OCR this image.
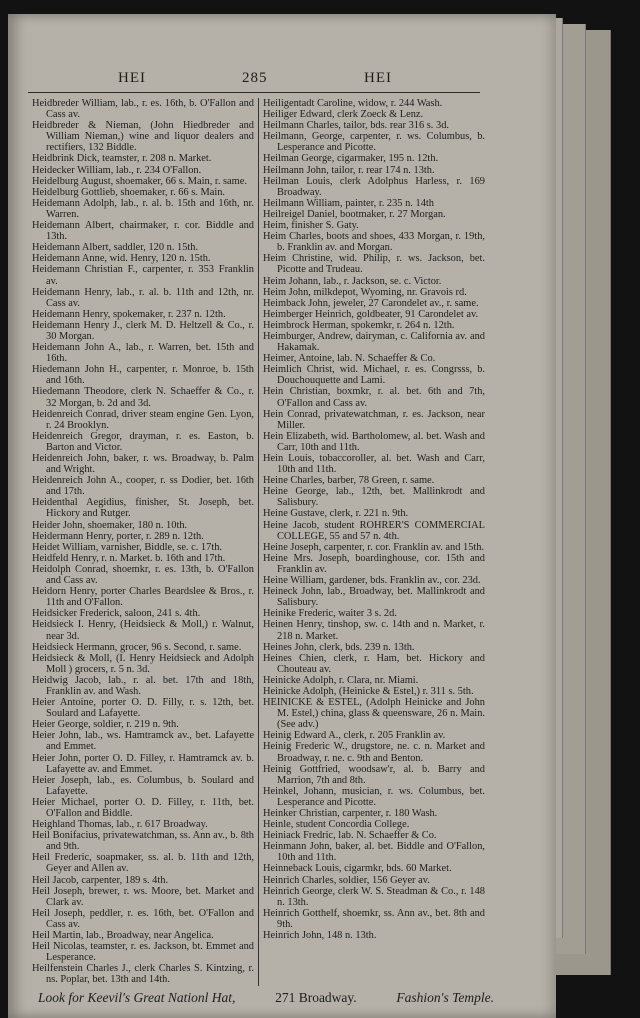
HEI	285	HEI
Heidbreder William, lab., r. es. 16th, b. O'Fallon and Cass av.
Heidbreder & Nieman, (John Hiedbreder and William Nieman,) wine and liquor dealers and rectifiers, 132 Biddle.
Heidbrink Dick, teamster, r. 208 n. Market.
Heidecker William, lab., r. 234 O'Fallon.
Heidelburg August, shoemaker, 66 s. Main, r. same.
Heidelburg Gottlieb, shoemaker, r. 66 s. Main.
Heidemann Adolph, lab., r. al. b. 15th and 16th, nr. Warren.
Heidemann Albert, chairmaker, r. cor. Biddle and 13th.
Heidemann Albert, saddler, 120 n. 15th.
Heidemann Anne, wid. Henry, 120 n. 15th.
Heidemann Christian F., carpenter, r. 353 Franklin av.
Heidemann Henry, lab., r. al. b. 11th and 12th, nr. Cass av.
Heidemann Henry, spokemaker, r. 237 n. 12th.
Heidemann Henry J., clerk M. D. Heltzell & Co., r. 30 Morgan.
Heidemann John A., lab., r. Warren, bet. 15th and 16th.
Hiedemann John H., carpenter, r. Monroe, b. 15th and 16th.
Hiedemann Theodore, clerk N. Schaeffer & Co., r. 32 Morgan, b. 2d and 3d.
Heidenreich Conrad, driver steam engine Gen. Lyon, r. 24 Brooklyn.
Heidenreich Gregor, drayman, r. es. Easton, b. Barton and Victor.
Heidenreich John, baker, r. ws. Broadway, b. Palm and Wright.
Heidenreich John A., cooper, r. ss Dodier, bet. 16th and 17th.
Heidenthal Aegidius, finisher, St. Joseph, bet. Hickory and Rutger.
Heider John, shoemaker, 180 n. 10th.
Heidermann Henry, porter, r. 289 n. 12th.
Heidet William, varnisher, Biddle, se. c. 17th.
Heidfeld Henry, r. n. Market. b. 16th and 17th.
Heidolph Conrad, shoemkr, r. es. 13th, b. O'Fallon and Cass av.
Heidorn Henry, porter Charles Beardslee & Bros., r. 11th and O'Fallon.
Heidsicker Frederick, saloon, 241 s. 4th.
Heidsieck I. Henry, (Heidsieck & Moll,) r. Walnut, near 3d.
Heidsieck Hermann, grocer, 96 s. Second, r. same.
Heidsieck & Moll, (I. Henry Heidsieck and Adolph Moll ) grocers, r. 5 n. 3d.
Heidwig Jacob, lab., r. al. bet. 17th and 18th, Franklin av. and Wash.
Heier Antoine, porter O. D. Filly, r. s. 12th, bet. Soulard and Lafayette.
Heier George, soldier, r. 219 n. 9th.
Heier John, lab., ws. Hamtramck av., bet. Lafayette and Emmet.
Heier John, porter O. D. Filley, r. Hamtramck av. b. Lafayette av. and Emmet.
Heier Joseph, lab., es. Columbus, b. Soulard and Lafayette.
Heier Michael, porter O. D. Filley, r. 11th, bet. O'Fallon and Biddle.
Heighland Thomas, lab., r. 617 Broadway.
Heil Bonifacius, privatewatchman, ss. Ann av., b. 8th and 9th.
Heil Frederic, soapmaker, ss. al. b. 11th and 12th, Geyer and Allen av.
Heil Jacob, carpenter, 189 s. 4th.
Heil Joseph, brewer, r. ws. Moore, bet. Market and Clark av.
Heil Joseph, peddler, r. es. 16th, bet. O'Fallon and Cass av.
Heil Martin, lab., Broadway, near Angelica.
Heil Nicolas, teamster, r. es. Jackson, bt. Emmet and Lesperance.
Heilfenstein Charles J., clerk Charles S. Kintzing, r. ns. Poplar, bet. 13th and 14th.
Heiligentadt Caroline, widow, r. 244 Wash.
Heiliger Edward, clerk Zoeck & Lenz.
Heilmann Charles, tailor, bds. rear 316 s. 3d.
Heilmann, George, carpenter, r. ws. Columbus, b. Lesperance and Picotte.
Heilman George, cigarmaker, 195 n. 12th.
Heilmann John, tailor, r. rear 174 n. 13th.
Heilman Louis, clerk Adolphus Harless, r. 169 Broadway.
Heilmann William, painter, r. 235 n. 14th
Heilreigel Daniel, bootmaker, r. 27 Morgan.
Heim, finisher S. Gaty.
Heim Charles, boots and shoes, 433 Morgan, r. 19th, b. Franklin av. and Morgan.
Heim Christine, wid. Philip, r. ws. Jackson, bet. Picotte and Trudeau.
Heim Johann, lab., r. Jackson, se. c. Victor.
Heim John, milkdepot, Wyoming, nr. Gravois rd.
Heimback John, jeweler, 27 Carondelet av., r. same.
Heimberger Heinrich, goldbeater, 91 Carondelet av.
Heimbrock Herman, spokemkr, r. 264 n. 12th.
Heimburger, Andrew, dairyman, c. California av. and Hakamak.
Heimer, Antoine, lab. N. Schaeffer & Co.
Heimlich Christ, wid. Michael, r. es. Congrsss, b. Douchouquette and Lami.
Hein Christian, boxmkr, r. al. bet. 6th and 7th, O'Fallon and Cass av.
Hein Conrad, privatewatchman, r. es. Jackson, near Miller.
Hein Elizabeth, wid. Bartholomew, al. bet. Wash and Carr, 10th and 11th.
Hein Louis, tobaccoroller, al. bet. Wash and Carr, 10th and 11th.
Heine Charles, barber, 78 Green, r. same.
Heine George, lab., 12th, bet. Mallinkrodt and Salisbury.
Heine Gustave, clerk, r. 221 n. 9th.
Heine Jacob, student ROHRER'S COMMERCIAL COLLEGE, 55 and 57 n. 4th.
Heine Joseph, carpenter, r. cor. Franklin av. and 15th.
Heine Mrs. Joseph, boardinghouse, cor. 15th and Franklin av.
Heine William, gardener, bds. Franklin av., cor. 23d.
Heineck John, lab., Broadway, bet. Mallinkrodt and Salisbury.
Heinike Frederic, waiter 3 s. 2d.
Heinen Henry, tinshop, sw. c. 14th and n. Market, r. 218 n. Market.
Heines John, clerk, bds. 239 n. 13th.
Heines Chien, clerk, r. Ham, bet. Hickory and Chouteau av.
Heinicke Adolph, r. Clara, nr. Miami.
Heinicke Adolph, (Heinicke & Estel,) r. 311 s. 5th.
HEINICKE & ESTEL, (Adolph Heinicke and John M. Estel,) china, glass & queensware, 26 n. Main. (See adv.)
Heinig Edward A., clerk, r. 205 Franklin av.
Heinig Frederic W., drugstore, ne. c. n. Market and Broadway, r. ne. c. 9th and Benton.
Heinig Gottfried, woodsaw'r, al. b. Barry and Marrion, 7th and 8th.
Heinkel, Johann, musician, r. ws. Columbus, bet. Lesperance and Picotte.
Heinker Christian, carpenter, r. 180 Wash.
Heinle, student Concordia College.
Heiniack Fredric, lab. N. Schaeffer & Co.
Heinmann John, baker, al. bet. Biddle and O'Fallon, 10th and 11th.
Heinneback Louis, cigarmkr, bds. 60 Market.
Heinrich Charles, soldier, 156 Geyer av.
Heinrich George, clerk W. S. Steadman & Co., r. 148 n. 13th.
Heinrich Gotthelf, shoemkr, ss. Ann av., bet. 8th and 9th.
Heinrich John, 148 n. 13th.
Look for Keevil's Great Nationl Hat,	271 Broadway.	Fashion's Temple.
